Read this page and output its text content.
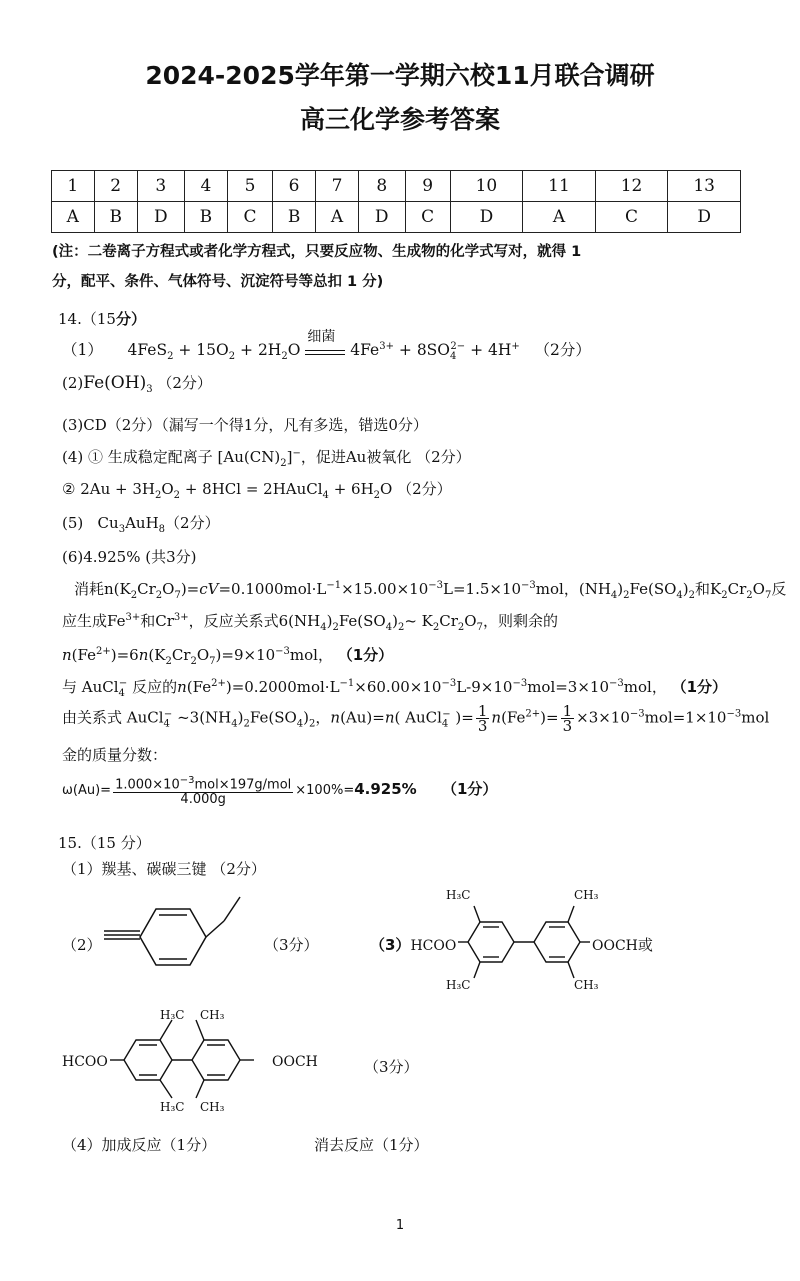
2024-2025学年第一学期六校11月联合调研
高三化学参考答案
1	2	3	4	5	6	7	8	9	10	11	12	13
A	B	D	B	C	B	A	D	C	D	A	C	D
(注：二卷离子方程式或者化学方程式，只要反应物、生成物的化学式写对，就得 1
分，配平、条件、气体符号、沉淀符号等总扣 1 分)
14.（15分）
（1）     $4FeS_2 + 15O_2 + 2H_2O$
细菌
$4Fe^{3+} + 8SO_4^{2-} + 4H^+$ （2分）
$(2)Fe(OH)_3$ （2分）
(3)CD（2分）（漏写一个得1分，凡有多选，错选0分）
(4) ① 生成稳定配离子 $[Au(CN)_2]^-$，促进Au被氧化 （2分）
② $2Au + 3H_2O_2 + 8HCl$ = 2HAuCl$_4$ + $6H_2O$ （2分）
(5)   $Cu_3AuH_8(2$分）
(6)4.925% (共3分)
消耗$n(K_2Cr_2O_7)=cV=0.1000mol\cdot L^{-1}\times 15.00\times 10^{-3}L=1.5\times 10^{-3}mol$，$(NH_4)_2Fe(SO_4)_2$和$K_2Cr_2O_7$反
应生成$Fe^{3+}$和$Cr^{3+}$，反应关系式$6(NH_4)_2Fe(SO_4)_2\sim$ $K_2Cr_2O_7$，则剩余的
$n(Fe^{2+})=6n(K_2Cr_2O_7)=9\times 10^{-3}mol$， （1分）
与 AuCl$_4$− 反应的$n(Fe^{2+})=0.2000mol\cdot L^{-1}\times 60.00\times 10^{-3}L-9\times 10^{-3}mol=3\times 10^{-3}mol$， （1分）
由关系式 AuCl$_4$− $\sim 3(NH_4)_2Fe(SO_4)_2$，n(Au)=n( AuCl$_4$− )= $\frac{1}{3} n(Fe^{2+})= \frac{1}{3} \times 3\times 10^{-3}mol=1\times 10^{-3}mol$
金的质量分数：
$\omega(Au)= \frac{1.000\times 10^{-3}mol\times 197g/mol}{4.000g} \times 100\%=4.925\%$ （1分）
15.（15 分）
（1）羰基、碳碳三键 （2分）
（2）	（3分）	（3）HCOO
H₃C
H₃C
CH₃
CH₃
OOCH或
HCOO
H₃C
H₃C
CH₃
CH₃
OOCH	（3分）
（4）加成反应（1分）	消去反应（1分）
1
